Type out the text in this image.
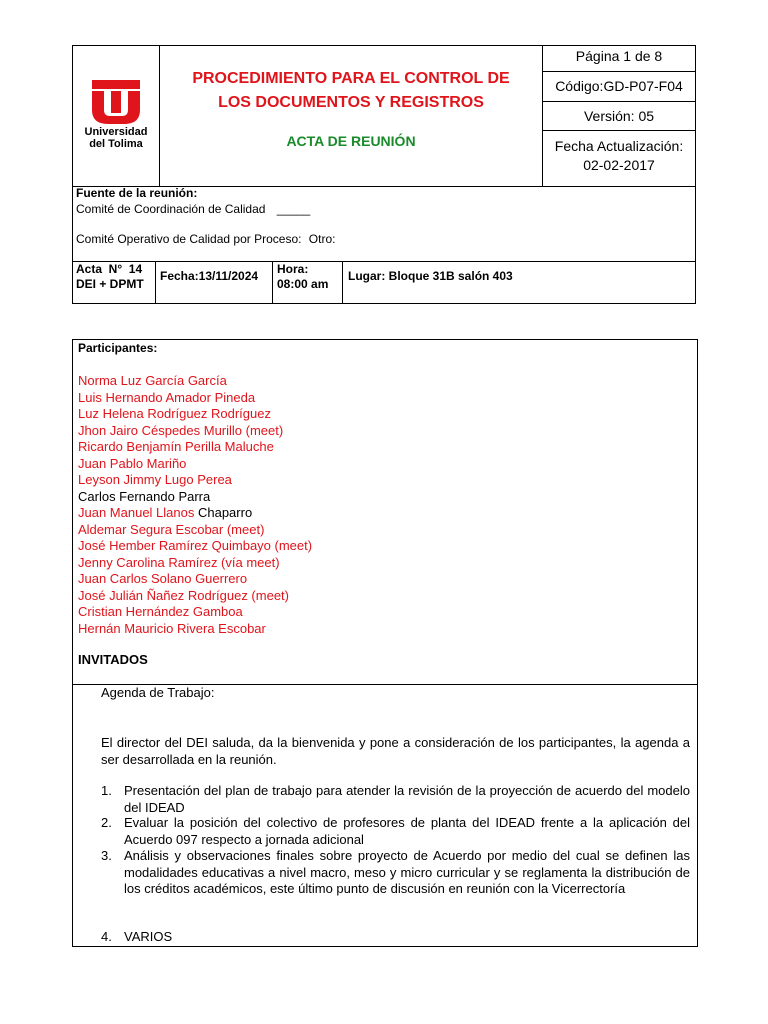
Universidad
del Tolima
PROCEDIMIENTO PARA EL CONTROL DE
LOS DOCUMENTOS Y REGISTROS
ACTA DE REUNIÓN
Página 1 de 8
Código:GD-P07-F04
Versión: 05
Fecha Actualización:
02-02-2017
Fuente de la reunión:
Comité de Coordinación de Calidad _____
Comité Operativo de Calidad por Proceso: Otro:
Acta  N°  14
DEI + DPMT
Fecha:13/11/2024 Hora:
08:00 am
Lugar: Bloque 31B salón 403
Participantes:
Norma Luz García García
Luis Hernando Amador Pineda
Luz Helena Rodríguez Rodríguez
Jhon Jairo Céspedes Murillo (meet)
Ricardo Benjamín Perilla Maluche
Juan Pablo Mariño
Leyson Jimmy Lugo Perea
Carlos Fernando Parra
Juan Manuel Llanos Chaparro
Aldemar Segura Escobar (meet)
José Hember Ramírez Quimbayo (meet)
Jenny Carolina Ramírez (vía meet)
Juan Carlos Solano Guerrero
José Julián Ñañez Rodríguez (meet)
Cristian Hernández Gamboa
Hernán Mauricio Rivera Escobar
INVITADOS
Agenda de Trabajo:
El director del DEI saluda, da la bienvenida y pone a consideración de los participantes, la agenda a ser desarrollada en la reunión.
1. Presentación del plan de trabajo para atender la revisión de la proyección de acuerdo del modelo del IDEAD
2. Evaluar la posición del colectivo de profesores de planta del IDEAD frente a la aplicación del Acuerdo 097 respecto a jornada adicional
3. Análisis y observaciones finales sobre proyecto de Acuerdo por medio del cual se definen las modalidades educativas a nivel macro, meso y micro curricular y se reglamenta la distribución de los créditos académicos, este último punto de discusión en reunión con la Vicerrectoría
4. VARIOS
